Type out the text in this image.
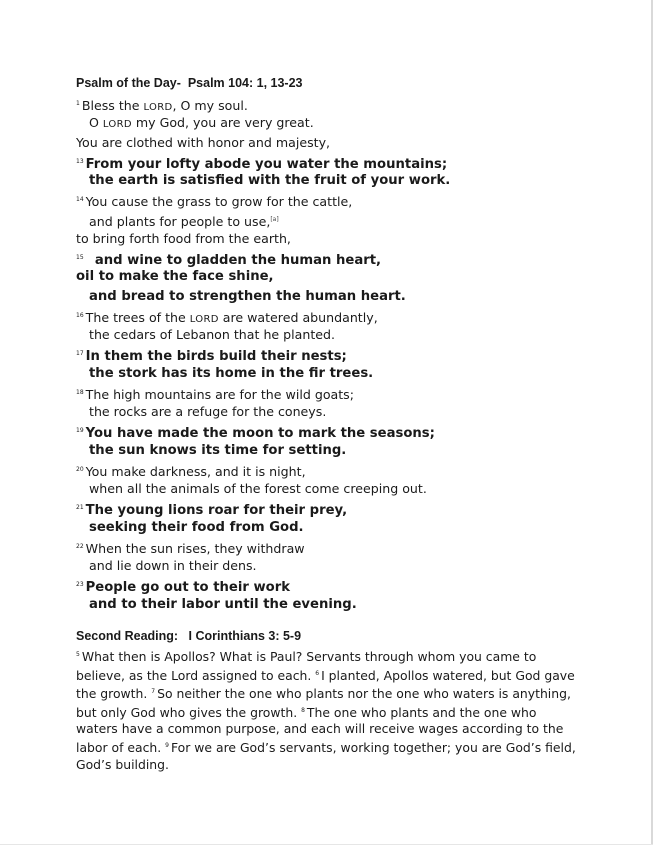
Psalm of the Day-  Psalm 104: 1, 13-23
$^1$ Bless the LORD, O my soul.
O LORD my God, you are very great.
You are clothed with honor and majesty,
$^{13}$ From your lofty abode you water the mountains;
the earth is satisfied with the fruit of your work.
$^{14}$ You cause the grass to grow for the cattle,
and plants for people to use,[a]
to bring forth food from the earth,
$^{15}$  and wine to gladden the human heart,
oil to make the face shine,
and bread to strengthen the human heart.
$^{16}$ The trees of the LORD are watered abundantly,
the cedars of Lebanon that he planted.
$^{17}$ In them the birds build their nests;
the stork has its home in the fir trees.
$^{18}$ The high mountains are for the wild goats;
the rocks are a refuge for the coneys.
$^{19}$ You have made the moon to mark the seasons;
the sun knows its time for setting.
$^{20}$ You make darkness, and it is night,
when all the animals of the forest come creeping out.
$^{21}$ The young lions roar for their prey,
seeking their food from God.
$^{22}$ When the sun rises, they withdraw
and lie down in their dens.
$^{23}$ People go out to their work
and to their labor until the evening.
Second Reading:   I Corinthians 3: 5-9
$^5$ What then is Apollos? What is Paul? Servants through whom you came to believe, as the Lord assigned to each. $^6$ I planted, Apollos watered, but God gave the growth. $^7$ So neither the one who plants nor the one who waters is anything, but only God who gives the growth. $^8$ The one who plants and the one who waters have a common purpose, and each will receive wages according to the labor of each. $^9$ For we are God’s servants, working together; you are God’s field, God’s building.
